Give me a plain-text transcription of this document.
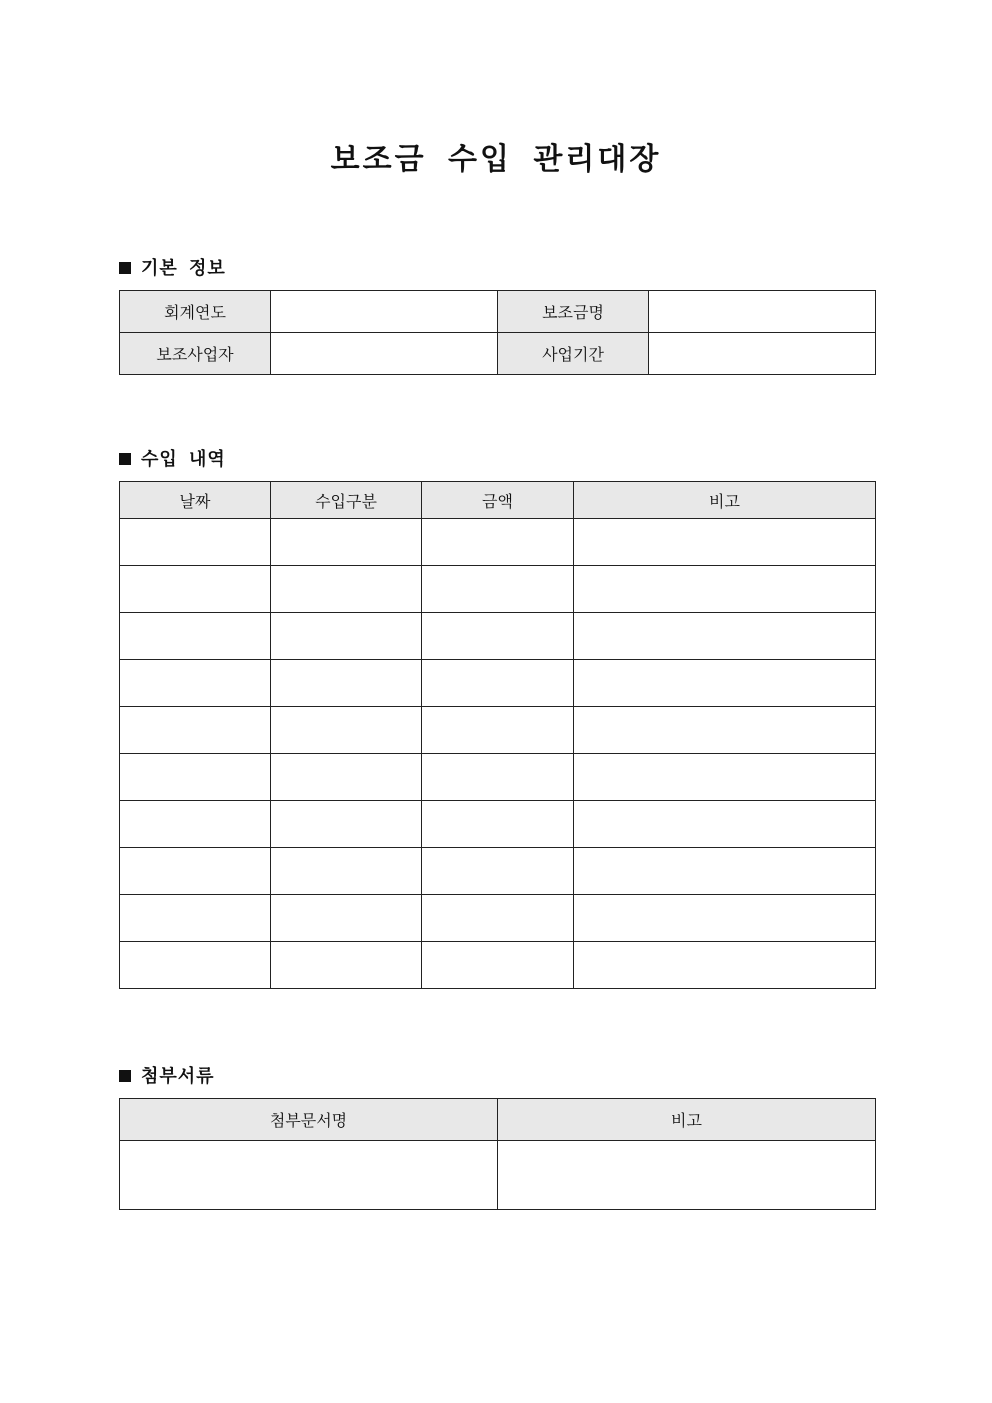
보조금 수입 관리대장
기본 정보
회계연도		보조금명	
보조사업자		사업기간	
수입 내역
날짜	수입구분	금액	비고

첨부서류
첨부문서명	비고
